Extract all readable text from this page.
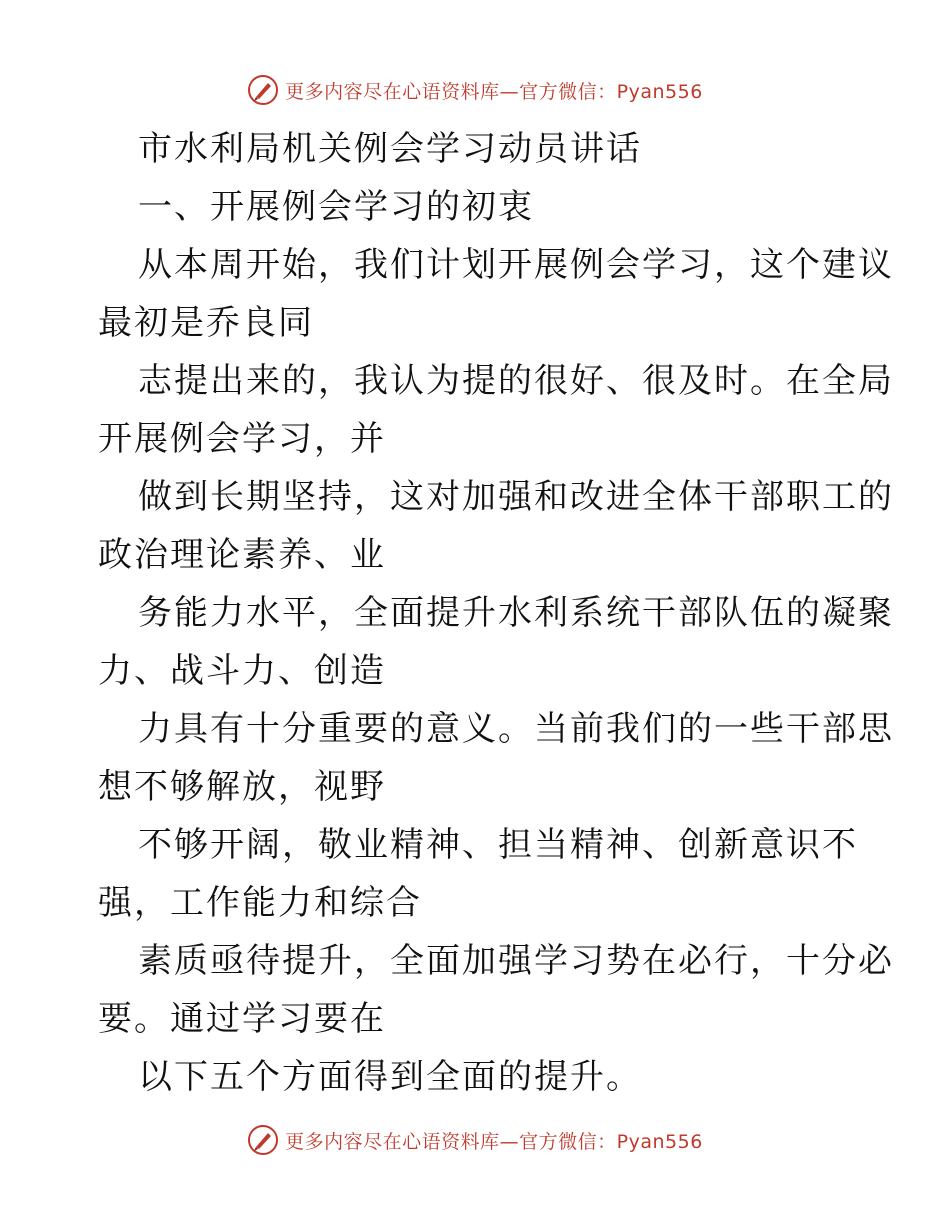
更多内容尽在心语资料库—官方微信：Pyan556
市水利局机关例会学习动员讲话
一、开展例会学习的初衷
从本周开始，我们计划开展例会学习，这个建议
最初是乔良同
志提出来的，我认为提的很好、很及时。在全局
开展例会学习，并
做到长期坚持，这对加强和改进全体干部职工的
政治理论素养、业
务能力水平，全面提升水利系统干部队伍的凝聚
力、战斗力、创造
力具有十分重要的意义。当前我们的一些干部思
想不够解放，视野
不够开阔，敬业精神、担当精神、创新意识不
强，工作能力和综合
素质亟待提升，全面加强学习势在必行，十分必
要。通过学习要在
以下五个方面得到全面的提升。
更多内容尽在心语资料库—官方微信：Pyan556
